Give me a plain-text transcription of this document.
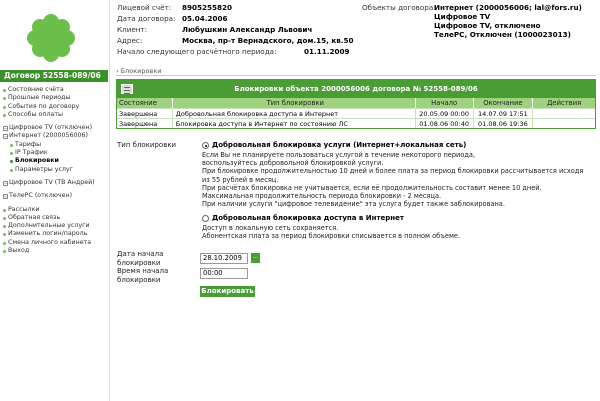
Договор 52558-089/06
Состояние счёта
Прошлые периоды
События по договору
Способы оплаты
− Цифровое TV (отключен)
− Интернет (2000056006)
Тарифы
IP Трафик
Блокировки
Параметры услуг
− Цифровое TV (ТВ Андрей)
− ТелеРС (отключен)
Рассылки
Обратная связь
Дополнительные услуги
Изменить логин/пароль
Смена личного кабинета
Выход
Лицевой счёт: 8905255820
Дата договора: 05.04.2006
Клиент:	Любушкин Александр Львович
Адрес:	Москва, пр-т Вернадского, дом.15, кв.50
Начало следующего расчётного периода:	01.11.2009
Объекты договора:
Интернет (2000056006; lal@fors.ru)
Цифровое TV
Цифровое TV, отключено
ТелеРС, Отключен (1000023013)
› Блокировки
Блокировки объекта 2000056006 договора № 52558-089/06
Состояние	Тип блокировки	Начало	Окончание	Действия
Завершена	Добровольная блокировка доступа в Интернет	20.05.09 00:00	14.07.09 17:51
Завершена	Блокировка доступа в Интернет по состоянию ЛС	01.08.06 00:40	01.08.06 19:36
Тип блокировки	Добровольная блокировка услуги (Интернет+локальная сеть)
Если Вы не планируете пользоваться услугой в течение некоторого периода,
воспользуйтесь добровольной блокировкой услуги.
При блокировке продолжительностью 10 дней и более плата за период блокировки рассчитывается исходя
из 55 рублей в месяц.
При расчётах блокировка не учитывается, если её продолжительность составит менее 10 дней.
Максимальная продолжительность периода блокировки - 2 месяца.
При наличии услуги "цифровое телевидение" эта услуга будет также заблокирована.
Добровольная блокировка доступа в Интернет
Доступ в локальную сеть сохраняется.
Абонентская плата за период блокировки списывается в полном объеме.
Дата начала
блокировки
28.10.2009	...
Время начала
блокировки
00:00
Блокировать
